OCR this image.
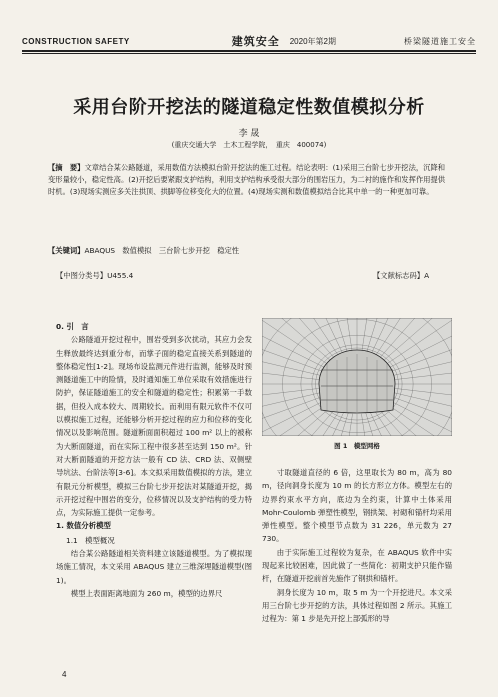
CONSTRUCTION SAFETY	建筑安全 2020年第2期	桥梁隧道施工安全
采用台阶开挖法的隧道稳定性数值模拟分析
李 晟
(重庆交通大学　土木工程学院，　重庆　400074)
【摘　要】文章结合某公路隧道，采用数值方法模拟台阶开挖法的施工过程。结论表明：(1)采用三台阶七步开挖法，沉降和变形量较小，稳定性高。(2)开挖后要紧跟支护结构，利用支护结构承受很大部分的围岩压力，为二衬的施作和发挥作用提供时机。(3)现场实测应多关注拱顶、拱脚等位移变化大的位置。(4)现场实测和数值模拟结合比其中单一的一种更加可靠。
【关键词】ABAQUS　数值模拟　三台阶七步开挖　稳定性
【中图分类号】U455.4	【文献标志码】A
0. 引　言

公路隧道开挖过程中，围岩受到多次扰动，其应力会发生释放最终达到重分布，而掌子面的稳定直接关系到隧道的整体稳定性[1-2]。现场布设监测元件进行监测，能够及时预测隧道施工中的险情，及时通知施工单位采取有效措施进行防护，保证隧道施工的安全和隧道的稳定性；积累第一手数据，但投入成本较大、周期较长。而利用有限元软件不仅可以模拟施工过程，还能够分析开挖过程的应力和位移的变化情况以及影响范围。隧道断面面积超过 100 m² 以上的被称为大断面隧道，而在实际工程中很多甚至达到 150 m²。针对大断面隧道的开挖方法一般有 CD 法、CRD 法、双侧壁导坑法、台阶法等[3-6]。本文拟采用数值模拟的方法，建立有限元分析模型，模拟三台阶七步开挖法对某隧道开挖，揭示开挖过程中围岩的变分，位移情况以及支护结构的受力特点，为实际施工提供一定参考。

1. 数值分析模型
1.1　模型概况

结合某公路隧道相关资料建立该隧道模型。为了模拟现场施工情况，本文采用 ABAQUS 建立三维深埋隧道模型(图 1)。

模型上表面距离地面为 260 m，模型的边界尺

图 1　模型网格

寸取隧道直径的 6 倍，这里取长为 80 m，高为 80 m，径向洞身长度为 10 m 的长方形立方体。模型左右的边界约束水平方向，底边为全约束，计算中土体采用 Mohr-Coulomb 弹塑性模型，钢拱架、衬砌和锚杆均采用弹性模型。整个模型节点数为 31 226，单元数为 27 730。

由于实际施工过程较为复杂，在 ABAQUS 软件中实现起来比较困难，因此做了一些简化：初期支护只能作锚杆，在隧道开挖前首先施作了钢拱和锚杆。

洞身长度为 10 m，取 5 m 为一个开挖进尺。本文采用三台阶七步开挖的方法，具体过程如图 2 所示。其施工过程为：第 1 步是先开挖上部弧形的导

4
